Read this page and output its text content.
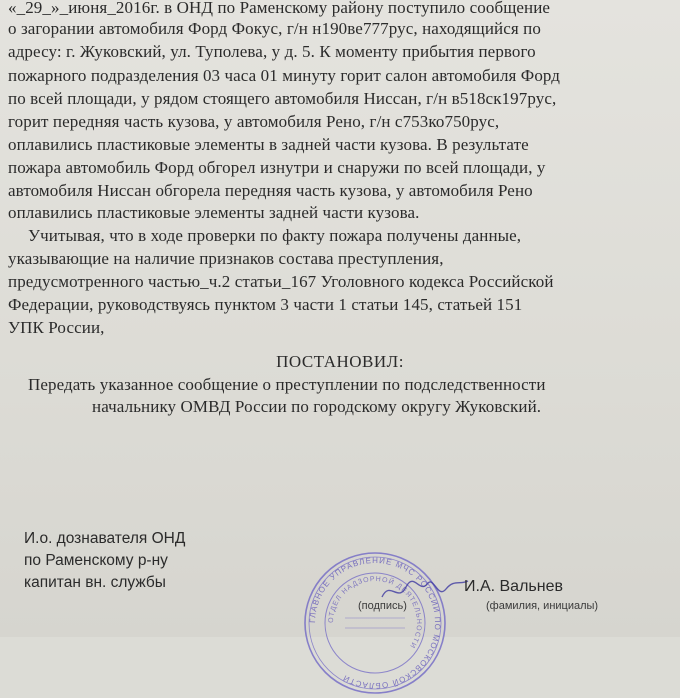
«_29_»_июня_2016г. в ОНД по Раменскому району поступило сообщение
о загорании автомобиля Форд Фокус, г/н н190ве777рус, находящийся по
адресу: г. Жуковский, ул. Туполева, у д. 5. К моменту прибытия первого
пожарного подразделения 03 часа 01 минуту горит салон автомобиля Форд
по всей площади, у рядом стоящего автомобиля Ниссан, г/н в518ск197рус,
горит передняя часть кузова, у автомобиля Рено, г/н с753ко750рус,
оплавились пластиковые элементы в задней части кузова. В результате
пожара автомобиль Форд обгорел изнутри и снаружи по всей площади, у
автомобиля Ниссан обгорела передняя часть кузова, у автомобиля Рено
оплавились пластиковые элементы задней части кузова.
Учитывая, что в ходе проверки по факту пожара получены данные,
указывающие на наличие признаков состава преступления,
предусмотренного частью_ч.2 статьи_167 Уголовного кодекса Российской
Федерации, руководствуясь пунктом 3 части 1 статьи 145, статьей 151
УПК России,
ПОСТАНОВИЛ:
Передать указанное сообщение о преступлении по подследственности
начальнику ОМВД России по городскому округу Жуковский.
И.о. дознавателя ОНД
по Раменскому р-ну
капитан вн. службы
ГЛАВНОЕ УПРАВЛЕНИЕ МЧС РОССИИ ПО МОСКОВСКОЙ ОБЛАСТИ
ОТДЕЛ НАДЗОРНОЙ ДЕЯТЕЛЬНОСТИ
И.А. Вальнев
(подпись)	(фамилия, инициалы)
